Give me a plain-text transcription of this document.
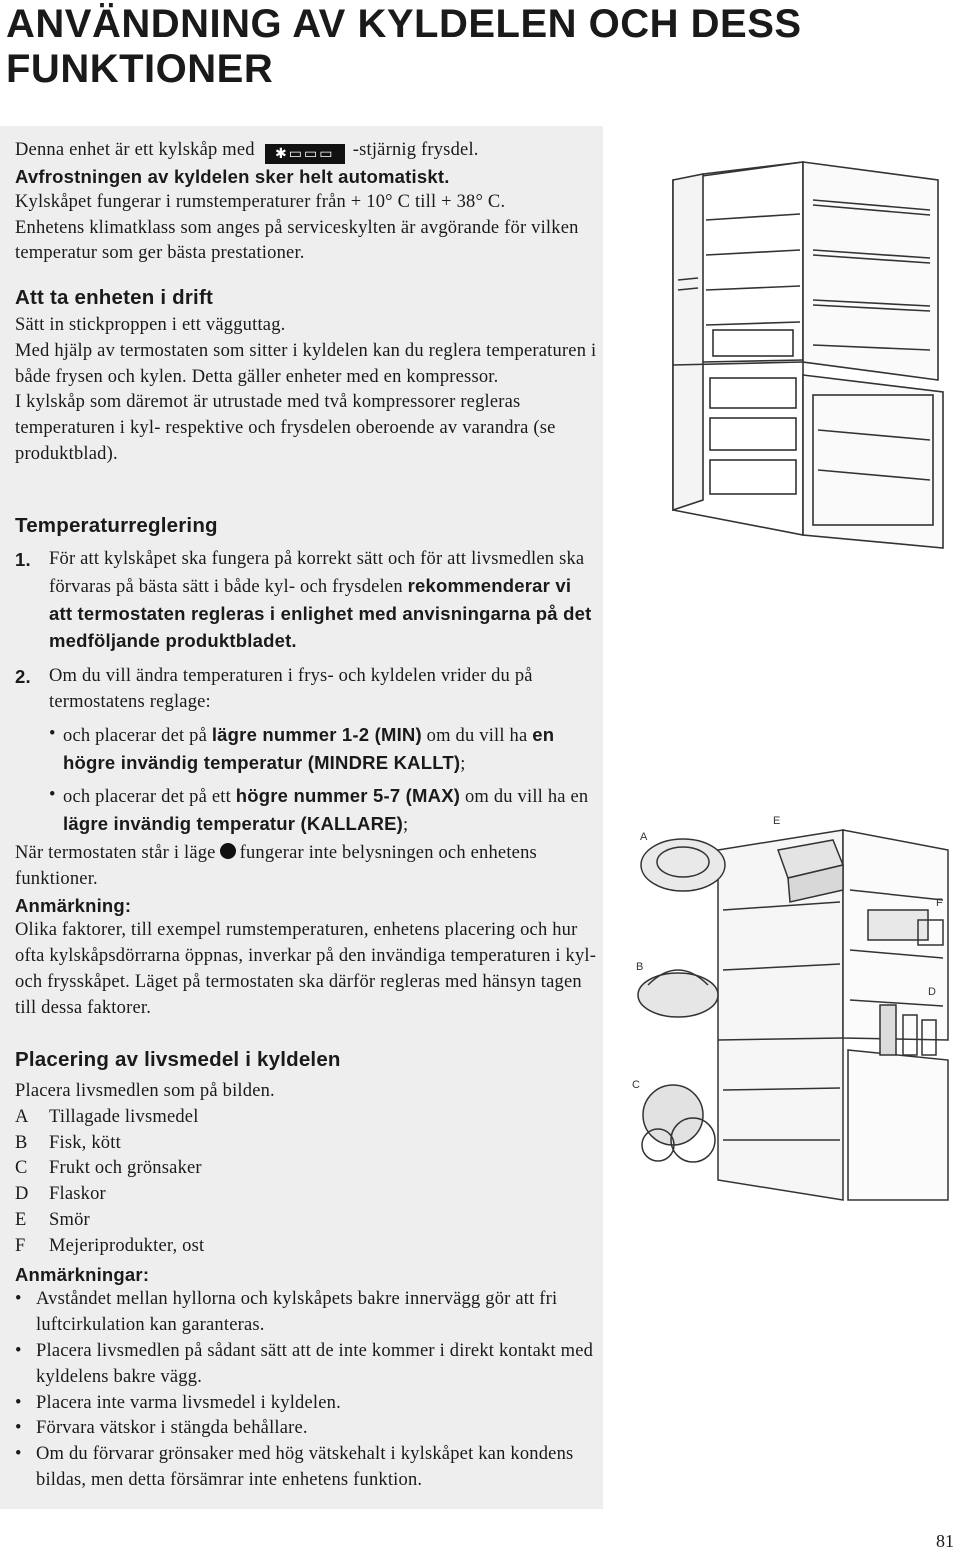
ANVÄNDNING AV KYLDELEN OCH DESS FUNKTIONER

Denna enhet är ett kylskåp med ✱▭▭▭ -stjärnig frysdel.

Avfrostningen av kyldelen sker helt automatiskt.

Kylskåpet fungerar i rumstemperaturer från + 10° C till + 38° C.

Enhetens klimatklass som anges på serviceskylten är avgörande för vilken temperatur som ger bästa prestationer.

Att ta enheten i drift

Sätt in stickproppen i ett vägguttag.

Med hjälp av termostaten som sitter i kyldelen kan du reglera temperaturen i både frysen och kylen. Detta gäller enheter med en kompressor.

I kylskåp som däremot är utrustade med två kompressorer regleras temperaturen i kyl- respektive och frysdelen oberoende av varandra (se produktblad).

Temperaturreglering

1. För att kylskåpet ska fungera på korrekt sätt och för att livsmedlen ska förvaras på bästa sätt i både kyl- och frysdelen rekommenderar vi att termostaten regleras i enlighet med anvisningarna på det medföljande produktbladet.
2. Om du vill ändra temperaturen i frys- och kyldelen vrider du på termostatens reglage:
• och placerar det på lägre nummer 1-2 (MIN) om du vill ha en högre invändig temperatur (MINDRE KALLT);
• och placerar det på ett högre nummer 5-7 (MAX) om du vill ha en lägre invändig temperatur (KALLARE);

När termostaten står i läge fungerar inte belysningen och enhetens funktioner.

Anmärkning:

Olika faktorer, till exempel rumstemperaturen, enhetens placering och hur ofta kylskåpsdörrarna öppnas, inverkar på den invändiga temperaturen i kyl- och frysskåpet. Läget på termostaten ska därför regleras med hänsyn tagen till dessa faktorer.

Placering av livsmedel i kyldelen

Placera livsmedlen som på bilden.

A	Tillagade livsmedel
B	Fisk, kött
C	Frukt och grönsaker
D	Flaskor
E	Smör
F	Mejeriprodukter, ost

Anmärkningar:

• Avståndet mellan hyllorna och kylskåpets bakre innervägg gör att fri luftcirkulation kan garanteras.
• Placera livsmedlen på sådant sätt att de inte kommer i direkt kontakt med kyldelens bakre vägg.
• Placera inte varma livsmedel i kyldelen.
• Förvara vätskor i stängda behållare.
• Om du förvarar grönsaker med hög vätskehalt i kylskåpet kan kondens bildas, men detta försämrar inte enhetens funktion.
A
E
B
C
D
F
81
